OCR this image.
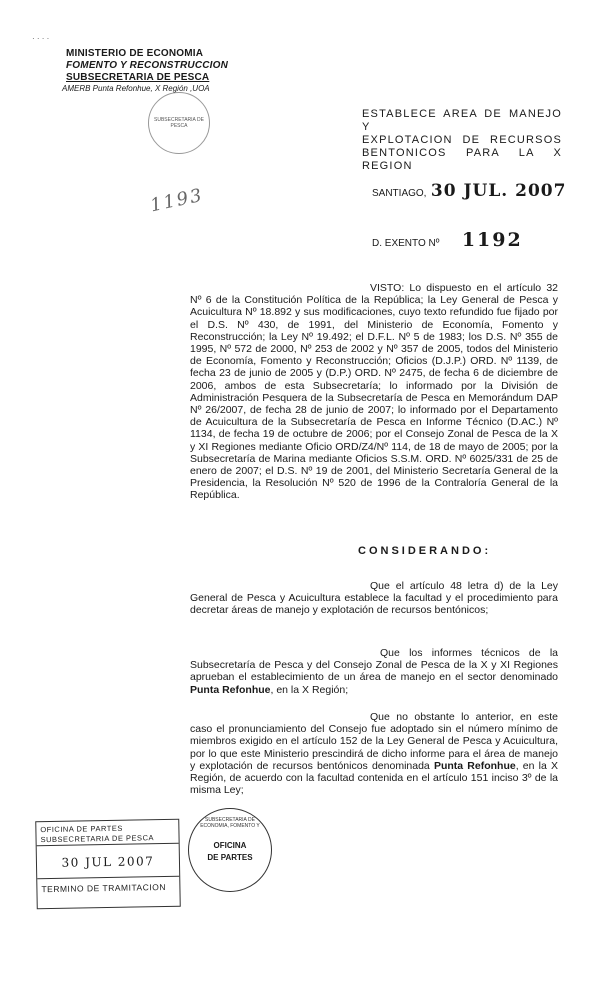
· · · ·
MINISTERIO DE ECONOMIA
FOMENTO Y RECONSTRUCCION
SUBSECRETARIA DE PESCA
AMERB Punta Refonhue, X Región ,UOA
SUBSECRETARIA DE PESCA
ESTABLECE AREA DE MANEJO Y
EXPLOTACION DE RECURSOS
BENTONICOS PARA LA X REGION
1193	SANTIAGO, 30 JUL. 2007
D. EXENTO Nº 1192
VISTO: Lo dispuesto en el artículo 32 Nº 6 de la Constitución Política de la República; la Ley General de Pesca y Acuicultura Nº 18.892 y sus modificaciones, cuyo texto refundido fue fijado por el D.S. Nº 430, de 1991, del Ministerio de Economía, Fomento y Reconstrucción; la Ley Nº 19.492; el D.F.L. Nº 5 de 1983; los D.S. Nº 355 de 1995, Nº 572 de 2000, Nº 253 de 2002 y Nº 357 de 2005, todos del Ministerio de Economía, Fomento y Reconstrucción; Oficios (D.J.P.) ORD. Nº 1139, de fecha 23 de junio de 2005 y (D.P.) ORD. Nº 2475, de fecha 6 de diciembre de 2006, ambos de esta Subsecretaría; lo informado por la División de Administración Pesquera de la Subsecretaría de Pesca en Memorándum DAP Nº 26/2007, de fecha 28 de junio de 2007; lo informado por el Departamento de Acuicultura de la Subsecretaría de Pesca en Informe Técnico (D.AC.) Nº 1134, de fecha 19 de octubre de 2006; por el Consejo Zonal de Pesca de la X y XI Regiones mediante Oficio ORD/Z4/Nº 114, de 18 de mayo de 2005; por la Subsecretaría de Marina mediante Oficios S.S.M. ORD. Nº 6025/331 de 25 de enero de 2007; el D.S. Nº 19 de 2001, del Ministerio Secretaría General de la Presidencia, la Resolución Nº 520 de 1996 de la Contraloría General de la República.
CONSIDERANDO:
Que el artículo 48 letra d) de la Ley General de Pesca y Acuicultura establece la facultad y el procedimiento para decretar áreas de manejo y explotación de recursos bentónicos;
Que los informes técnicos de la Subsecretaría de Pesca y del Consejo Zonal de Pesca de la X y XI Regiones aprueban el establecimiento de un área de manejo en el sector denominado Punta Refonhue, en la X Región;
Que no obstante lo anterior, en este caso el pronunciamiento del Consejo fue adoptado sin el número mínimo de miembros exigido en el artículo 152 de la Ley General de Pesca y Acuicultura, por lo que este Ministerio prescindirá de dicho informe para el área de manejo y explotación de recursos bentónicos denominada Punta Refonhue, en la X Región, de acuerdo con la facultad contenida en el artículo 151 inciso 3º de la misma Ley;
OFICINA DE PARTES
SUBSECRETARIA DE PESCA
30 JUL 2007
TERMINO DE TRAMITACION
SUBSECRETARIA DE ECONOMIA, FOMENTO Y
OFICINA
DE PARTES
